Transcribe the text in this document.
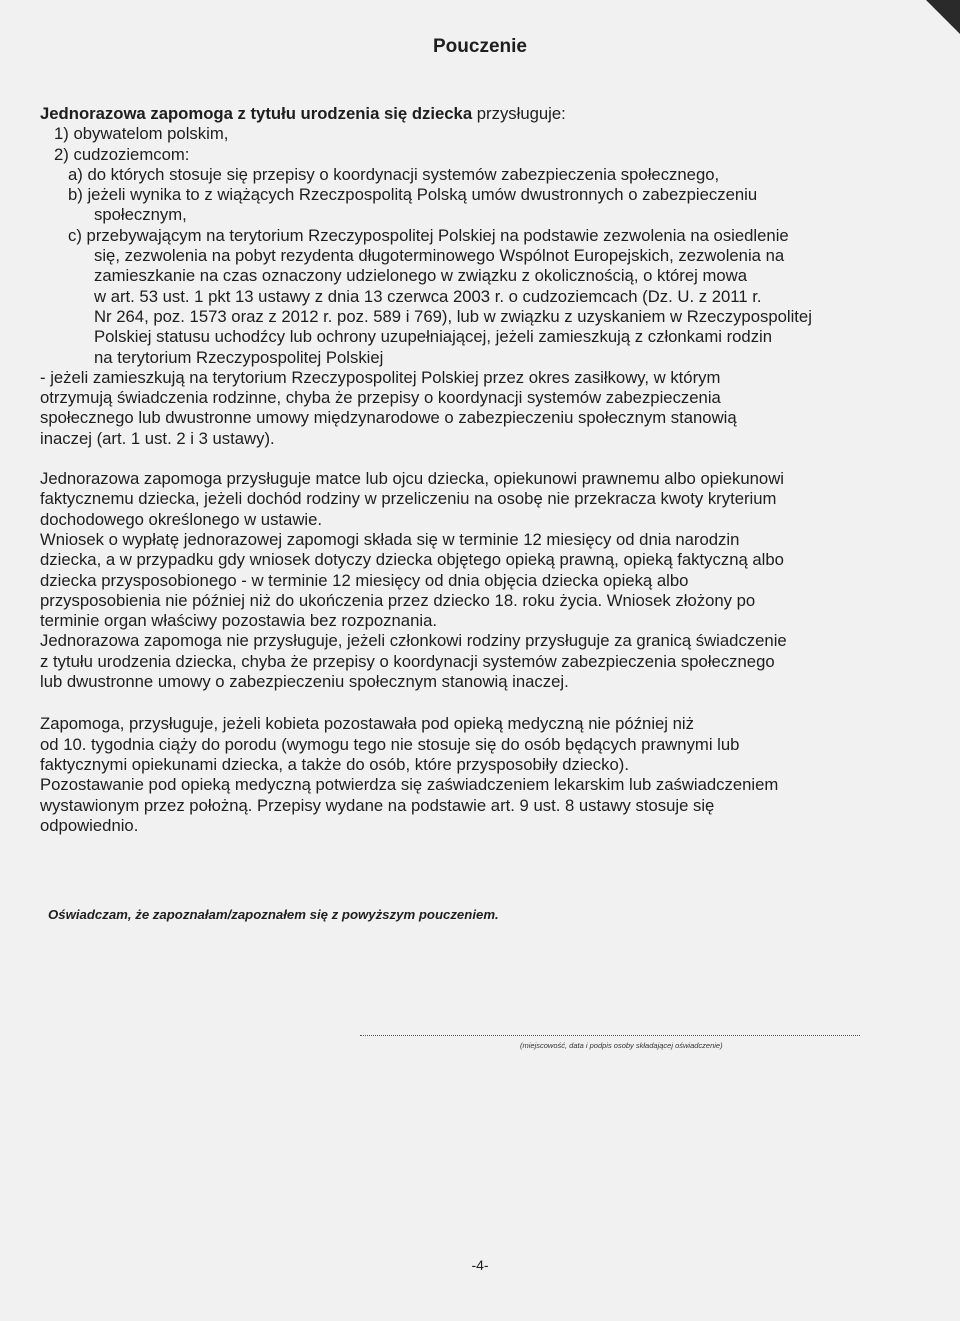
Pouczenie

Jednorazowa zapomoga z tytułu urodzenia się dziecka przysługuje:

1) obywatelom polskim,

2) cudzoziemcom:

a) do których stosuje się przepisy o koordynacji systemów zabezpieczenia społecznego,

b) jeżeli wynika to z wiążących Rzeczpospolitą Polską umów dwustronnych o zabezpieczeniu

społecznym,

c) przebywającym na terytorium Rzeczypospolitej Polskiej na podstawie zezwolenia na osiedlenie

się, zezwolenia na pobyt rezydenta długoterminowego Wspólnot Europejskich, zezwolenia na

zamieszkanie na czas oznaczony udzielonego w związku z okolicznością, o której mowa

w art. 53 ust. 1 pkt 13 ustawy z dnia 13 czerwca 2003 r. o cudzoziemcach (Dz. U. z 2011 r.

Nr 264, poz. 1573 oraz z 2012 r. poz. 589 i 769), lub w związku z uzyskaniem w Rzeczypospolitej

Polskiej statusu uchodźcy lub ochrony uzupełniającej, jeżeli zamieszkują z członkami rodzin

na terytorium Rzeczypospolitej Polskiej

- jeżeli zamieszkują na terytorium Rzeczypospolitej Polskiej przez okres zasiłkowy, w którym

otrzymują świadczenia rodzinne, chyba że przepisy o koordynacji systemów zabezpieczenia

społecznego lub dwustronne umowy międzynarodowe o zabezpieczeniu społecznym stanowią

inaczej (art. 1 ust. 2 i 3 ustawy).

Jednorazowa zapomoga przysługuje matce lub ojcu dziecka, opiekunowi prawnemu albo opiekunowi

faktycznemu dziecka, jeżeli dochód rodziny w przeliczeniu na osobę nie przekracza kwoty kryterium

dochodowego określonego w ustawie.

Wniosek o wypłatę jednorazowej zapomogi składa się w terminie 12 miesięcy od dnia narodzin

dziecka, a w przypadku gdy wniosek dotyczy dziecka objętego opieką prawną, opieką faktyczną albo

dziecka przysposobionego - w terminie 12 miesięcy od dnia objęcia dziecka opieką albo

przysposobienia nie później niż do ukończenia przez dziecko 18. roku życia. Wniosek złożony po

terminie organ właściwy pozostawia bez rozpoznania.

Jednorazowa zapomoga nie przysługuje, jeżeli członkowi rodziny przysługuje za granicą świadczenie

z tytułu urodzenia dziecka, chyba że przepisy o koordynacji systemów zabezpieczenia społecznego

lub dwustronne umowy o zabezpieczeniu społecznym stanowią inaczej.

Zapomoga, przysługuje, jeżeli kobieta pozostawała pod opieką medyczną nie później niż

od 10. tygodnia ciąży do porodu (wymogu tego nie stosuje się do osób będących prawnymi lub

faktycznymi opiekunami dziecka, a także do osób, które przysposobiły dziecko).

Pozostawanie pod opieką medyczną potwierdza się zaświadczeniem lekarskim lub zaświadczeniem

wystawionym przez położną. Przepisy wydane na podstawie art. 9 ust. 8 ustawy stosuje się

odpowiednio.

Oświadczam, że zapoznałam/zapoznałem się z powyższym pouczeniem.
(miejscowość, data i podpis osoby składającej oświadczenie)
-4-
